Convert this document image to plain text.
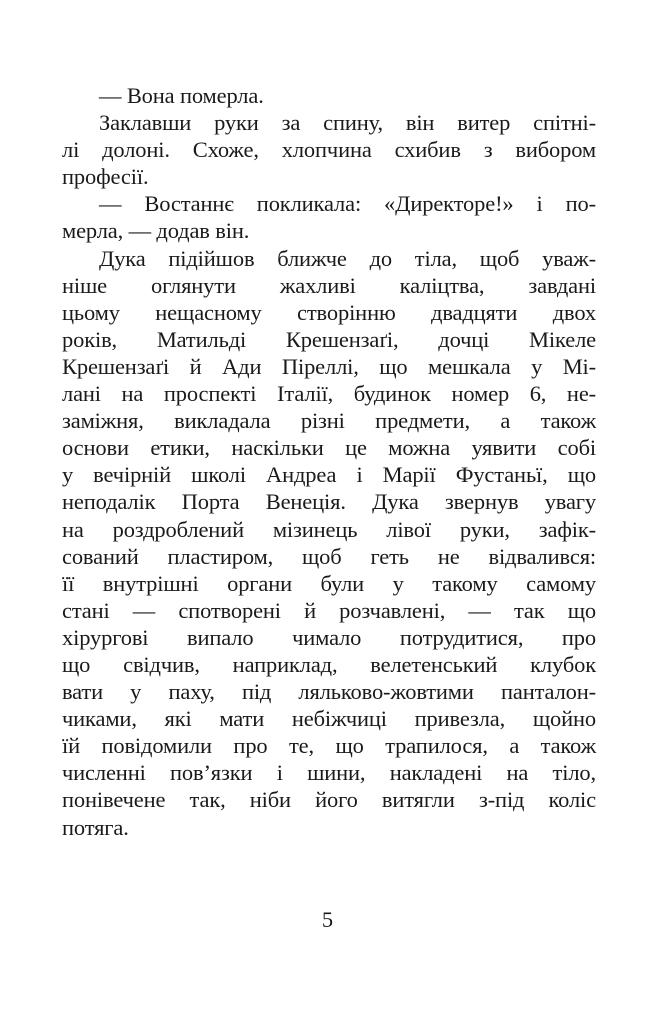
— Вона померла.
Заклавши руки за спину, він витер спітні-
лі долоні. Схоже, хлопчина схибив з вибором
професії.
— Востаннє покликала: «Директоре!» і по-
мерла, — додав він.
Дука підійшов ближче до тіла, щоб уваж-
ніше оглянути жахливі каліцтва, завдані
цьому нещасному створінню двадцяти двох
років, Матильді Крешензаґі, дочці Мікеле
Крешензаґі й Ади Піреллі, що мешкала у Мі-
лані на проспекті Італії, будинок номер 6, не-
заміжня, викладала різні предмети, а також
основи етики, наскільки це можна уявити собі
у вечірній школі Андреа і Марії Фустаньї, що
неподалік Порта Венеція. Дука звернув увагу
на роздроблений мізинець лівої руки, зафік-
сований пластиром, щоб геть не відвалився:
її внутрішні органи були у такому самому
стані — спотворені й розчавлені, — так що
хірургові випало чимало потрудитися, про
що свідчив, наприклад, велетенський клубок
вати у паху, під ляльково-жовтими панталон-
чиками, які мати небіжчиці привезла, щойно
їй повідомили про те, що трапилося, а також
численні пов’язки і шини, накладені на тіло,
понівечене так, ніби його витягли з-під коліс
потяга.
5
